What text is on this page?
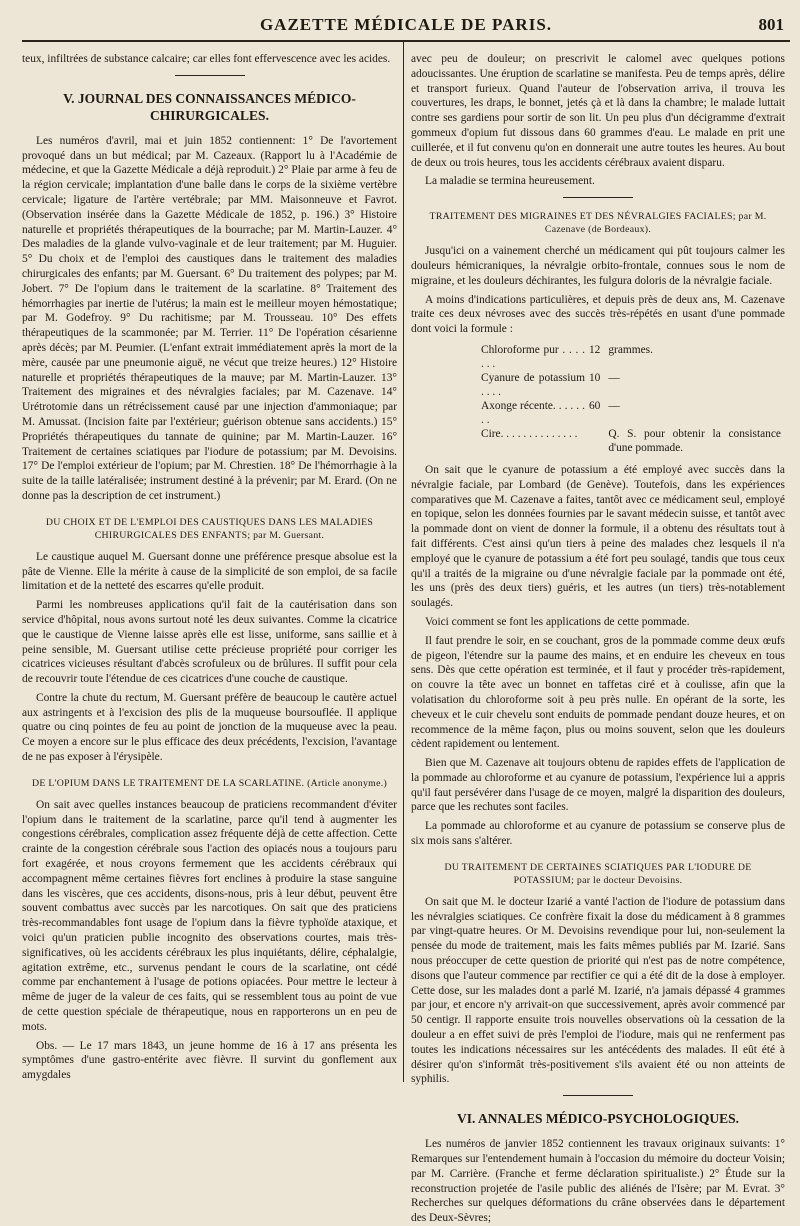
GAZETTE MÉDICALE DE PARIS.	801

teux, infiltrées de substance calcaire; car elles font effervescence avec les acides.

V. JOURNAL DES CONNAISSANCES MÉDICO-CHIRURGICALES.

Les numéros d'avril, mai et juin 1852 contiennent: 1° De l'avortement provoqué dans un but médical; par M. Cazeaux. (Rapport lu à l'Académie de médecine, et que la Gazette Médicale a déjà reproduit.) 2° Plaie par arme à feu de la région cervicale; implantation d'une balle dans le corps de la sixième vertèbre cervicale; ligature de l'artère vertébrale; par MM. Maisonneuve et Favrot. (Observation insérée dans la Gazette Médicale de 1852, p. 196.) 3° Histoire naturelle et propriétés thérapeutiques de la bourrache; par M. Martin-Lauzer. 4° Des maladies de la glande vulvo-vaginale et de leur traitement; par M. Huguier. 5° Du choix et de l'emploi des caustiques dans le traitement des maladies chirurgicales des enfants; par M. Guersant. 6° Du traitement des polypes; par M. Jobert. 7° De l'opium dans le traitement de la scarlatine. 8° Traitement des hémorrhagies par inertie de l'utérus; la main est le meilleur moyen hémostatique; par M. Godefroy. 9° Du rachitisme; par M. Trousseau. 10° Des effets thérapeutiques de la scammonée; par M. Terrier. 11° De l'opération césarienne après décès; par M. Peumier. (L'enfant extrait immédiatement après la mort de la mère, causée par une pneumonie aiguë, ne vécut que treize heures.) 12° Histoire naturelle et propriétés thérapeutiques de la mauve; par M. Martin-Lauzer. 13° Traitement des migraines et des névralgies faciales; par M. Cazenave. 14° Urétrotomie dans un rétrécissement causé par une injection d'ammoniaque; par M. Amussat. (Incision faite par l'extérieur; guérison obtenue sans accidents.) 15° Propriétés thérapeutiques du tannate de quinine; par M. Martin-Lauzer. 16° Traitement de certaines sciatiques par l'iodure de potassium; par M. Devoisins. 17° De l'emploi extérieur de l'opium; par M. Chrestien. 18° De l'hémorrhagie à la suite de la taille latéralisée; instrument destiné à la prévenir; par M. Erard. (On ne donne pas la description de cet instrument.)

DU CHOIX ET DE L'EMPLOI DES CAUSTIQUES DANS LES MALADIES CHIRURGICALES DES ENFANTS; par M. Guersant.

Le caustique auquel M. Guersant donne une préférence presque absolue est la pâte de Vienne. Elle la mérite à cause de la simplicité de son emploi, de sa facile limitation et de la netteté des escarres qu'elle produit.

Parmi les nombreuses applications qu'il fait de la cautérisation dans son service d'hôpital, nous avons surtout noté les deux suivantes. Comme la cicatrice que le caustique de Vienne laisse après elle est lisse, uniforme, sans saillie et à peine sensible, M. Guersant utilise cette précieuse propriété pour corriger les cicatrices vicieuses résultant d'abcès scrofuleux ou de brûlures. Il suffit pour cela de recouvrir toute l'étendue de ces cicatrices d'une couche de caustique.

Contre la chute du rectum, M. Guersant préfère de beaucoup le cautère actuel aux astringents et à l'excision des plis de la muqueuse boursouflée. Il applique quatre ou cinq pointes de feu au point de jonction de la muqueuse avec la peau. Ce moyen a encore sur le plus efficace des deux précédents, l'excision, l'avantage de ne pas exposer à l'érysipèle.

DE L'OPIUM DANS LE TRAITEMENT DE LA SCARLATINE. (Article anonyme.)

On sait avec quelles instances beaucoup de praticiens recommandent d'éviter l'opium dans le traitement de la scarlatine, parce qu'il tend à augmenter les congestions cérébrales, complication assez fréquente déjà de cette affection. Cette crainte de la congestion cérébrale sous l'action des opiacés nous a toujours paru fort exagérée, et nous croyons fermement que les accidents cérébraux qui accompagnent même certaines fièvres fort enclines à produire la stase sanguine dans les viscères, que ces accidents, disons-nous, pris à leur début, peuvent être souvent combattus avec succès par les narcotiques. On sait que des praticiens très-recommandables font usage de l'opium dans la fièvre typhoïde ataxique, et voici qu'un praticien publie incognito des observations courtes, mais très-significatives, où les accidents cérébraux les plus inquiétants, délire, céphalalgie, agitation extrême, etc., survenus pendant le cours de la scarlatine, ont cédé comme par enchantement à l'usage de potions opiacées. Pour mettre le lecteur à même de juger de la valeur de ces faits, qui se ressemblent tous au point de vue de cette question spéciale de thérapeutique, nous en rapporterons un en peu de mots.

Obs. — Le 17 mars 1843, un jeune homme de 16 à 17 ans présenta les symptômes d'une gastro-entérite avec fièvre. Il survint du gonflement aux amygdales

avec peu de douleur; on prescrivit le calomel avec quelques potions adoucissantes. Une éruption de scarlatine se manifesta. Peu de temps après, délire et transport furieux. Quand l'auteur de l'observation arriva, il trouva les couvertures, les draps, le bonnet, jetés çà et là dans la chambre; le malade luttait contre ses gardiens pour sortir de son lit. Un peu plus d'un décigramme d'extrait gommeux d'opium fut dissous dans 60 grammes d'eau. Le malade en prit une cuillerée, et il fut convenu qu'on en donnerait une autre toutes les heures. Au bout de deux ou trois heures, tous les accidents cérébraux avaient disparu.

La maladie se termina heureusement.

TRAITEMENT DES MIGRAINES ET DES NÉVRALGIES FACIALES; par M. Cazenave (de Bordeaux).

Jusqu'ici on a vainement cherché un médicament qui pût toujours calmer les douleurs hémicraniques, la névralgie orbito-frontale, connues sous le nom de migraine, et les douleurs déchirantes, les fulgura doloris de la névralgie faciale.

A moins d'indications particulières, et depuis près de deux ans, M. Cazenave traite ces deux névroses avec des succès très-répétés en usant d'une pommade dont voici la formule :

Chloroforme pur . . . . . . .	12	grammes.
Cyanure de potassium . . . .	10	—
Axonge récente. . . . . . . .	60	—
Cire. . . . . . . . . . . . . .		Q. S. pour obtenir la consistance d'une pommade.

On sait que le cyanure de potassium a été employé avec succès dans la névralgie faciale, par Lombard (de Genève). Toutefois, dans les expériences comparatives que M. Cazenave a faites, tantôt avec ce médicament seul, employé en topique, selon les données fournies par le savant médecin suisse, et tantôt avec la pommade dont on vient de donner la formule, il a obtenu des résultats tout à fait différents. C'est ainsi qu'un tiers à peine des malades chez lesquels il n'a employé que le cyanure de potassium a été fort peu soulagé, tandis que tous ceux qu'il a traités de la migraine ou d'une névralgie faciale par la pommade ont été, les uns (près des deux tiers) guéris, et les autres (un tiers) très-notablement soulagés.

Voici comment se font les applications de cette pommade.

Il faut prendre le soir, en se couchant, gros de la pommade comme deux œufs de pigeon, l'étendre sur la paume des mains, et en enduire les cheveux en tous sens. Dès que cette opération est terminée, et il faut y procéder très-rapidement, on couvre la tête avec un bonnet en taffetas ciré et à coulisse, afin que la volatisation du chloroforme soit à peu près nulle. En opérant de la sorte, les cheveux et le cuir chevelu sont enduits de pommade pendant douze heures, et on recommence de la même façon, plus ou moins souvent, selon que les douleurs cèdent rapidement ou lentement.

Bien que M. Cazenave ait toujours obtenu de rapides effets de l'application de la pommade au chloroforme et au cyanure de potassium, l'expérience lui a appris qu'il faut persévérer dans l'usage de ce moyen, malgré la disparition des douleurs, parce que les rechutes sont faciles.

La pommade au chloroforme et au cyanure de potassium se conserve plus de six mois sans s'altérer.

DU TRAITEMENT DE CERTAINES SCIATIQUES PAR L'IODURE DE POTASSIUM; par le docteur Devoisins.

On sait que M. le docteur Izarié a vanté l'action de l'iodure de potassium dans les névralgies sciatiques. Ce confrère fixait la dose du médicament à 8 grammes par vingt-quatre heures. Or M. Devoisins revendique pour lui, non-seulement la pensée du mode de traitement, mais les faits mêmes publiés par M. Izarié. Sans nous préoccuper de cette question de priorité qui n'est pas de notre compétence, disons que l'auteur commence par rectifier ce qui a été dit de la dose à employer. Cette dose, sur les malades dont a parlé M. Izarié, n'a jamais dépassé 4 grammes par jour, et encore n'y arrivait-on que successivement, après avoir commencé par 50 centigr. Il rapporte ensuite trois nouvelles observations où la cessation de la douleur a en effet suivi de près l'emploi de l'iodure, mais qui ne renferment pas toutes les indications nécessaires sur les antécédents des malades. Il eût été à désirer qu'on s'informât très-positivement s'ils avaient été ou non atteints de syphilis.

VI. ANNALES MÉDICO-PSYCHOLOGIQUES.

Les numéros de janvier 1852 contiennent les travaux originaux suivants: 1° Remarques sur l'entendement humain à l'occasion du mémoire du docteur Voisin; par M. Carrière. (Franche et ferme déclaration spiritualiste.) 2° Étude sur la reconstruction projetée de l'asile public des aliénés de l'Isère; par M. Evrat. 3° Recherches sur quelques déformations du crâne observées dans le département des Deux-Sèvres;
